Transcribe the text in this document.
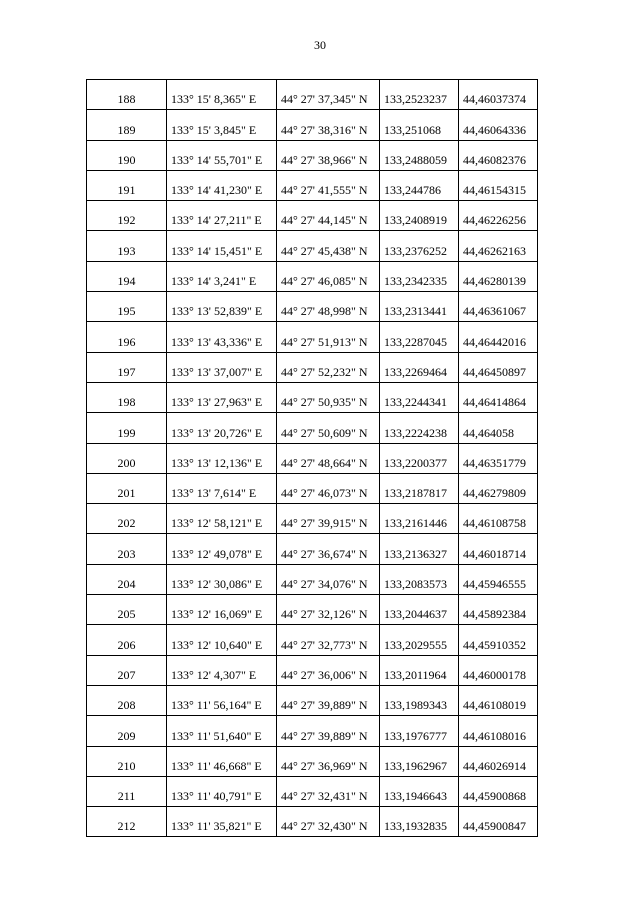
30
188	133° 15' 8,365" E	44° 27' 37,345" N	133,2523237	44,46037374
189	133° 15' 3,845" E	44° 27' 38,316" N	133,251068	44,46064336
190	133° 14' 55,701" E	44° 27' 38,966" N	133,2488059	44,46082376
191	133° 14' 41,230" E	44° 27' 41,555" N	133,244786	44,46154315
192	133° 14' 27,211" E	44° 27' 44,145" N	133,2408919	44,46226256
193	133° 14' 15,451" E	44° 27' 45,438" N	133,2376252	44,46262163
194	133° 14' 3,241" E	44° 27' 46,085" N	133,2342335	44,46280139
195	133° 13' 52,839" E	44° 27' 48,998" N	133,2313441	44,46361067
196	133° 13' 43,336" E	44° 27' 51,913" N	133,2287045	44,46442016
197	133° 13' 37,007" E	44° 27' 52,232" N	133,2269464	44,46450897
198	133° 13' 27,963" E	44° 27' 50,935" N	133,2244341	44,46414864
199	133° 13' 20,726" E	44° 27' 50,609" N	133,2224238	44,464058
200	133° 13' 12,136" E	44° 27' 48,664" N	133,2200377	44,46351779
201	133° 13' 7,614" E	44° 27' 46,073" N	133,2187817	44,46279809
202	133° 12' 58,121" E	44° 27' 39,915" N	133,2161446	44,46108758
203	133° 12' 49,078" E	44° 27' 36,674" N	133,2136327	44,46018714
204	133° 12' 30,086" E	44° 27' 34,076" N	133,2083573	44,45946555
205	133° 12' 16,069" E	44° 27' 32,126" N	133,2044637	44,45892384
206	133° 12' 10,640" E	44° 27' 32,773" N	133,2029555	44,45910352
207	133° 12' 4,307" E	44° 27' 36,006" N	133,2011964	44,46000178
208	133° 11' 56,164" E	44° 27' 39,889" N	133,1989343	44,46108019
209	133° 11' 51,640" E	44° 27' 39,889" N	133,1976777	44,46108016
210	133° 11' 46,668" E	44° 27' 36,969" N	133,1962967	44,46026914
211	133° 11' 40,791" E	44° 27' 32,431" N	133,1946643	44,45900868
212	133° 11' 35,821" E	44° 27' 32,430" N	133,1932835	44,45900847
